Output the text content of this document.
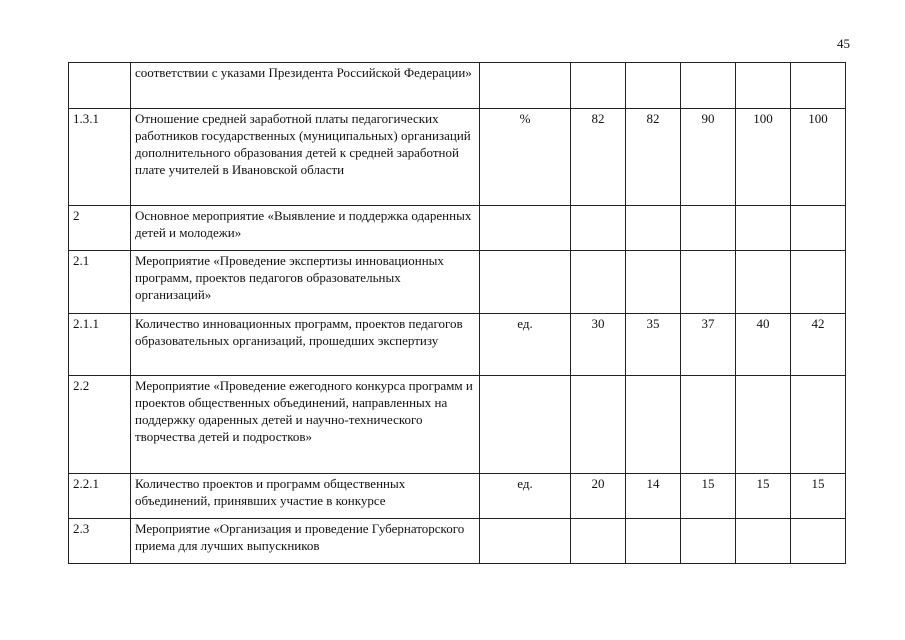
45
	соответствии с указами Президента Российской Федерации»						
1.3.1	Отношение средней заработной платы педагогических работников государственных (муниципальных) организаций дополнительного образования детей к средней заработной плате учителей в Ивановской области	%	82	82	90	100	100
2	Основное мероприятие «Выявление и поддержка одаренных детей и молодежи»						
2.1	Мероприятие «Проведение экспертизы инновационных программ, проектов педагогов образовательных организаций»						
2.1.1	Количество инновационных программ, проектов педагогов образовательных организаций, прошедших экспертизу	ед.	30	35	37	40	42
2.2	Мероприятие «Проведение ежегодного конкурса программ и проектов общественных объединений, направленных на поддержку одаренных детей и научно-технического творчества детей и подростков»						
2.2.1	Количество проектов и программ общественных объединений, принявших участие в конкурсе	ед.	20	14	15	15	15
2.3	Мероприятие «Организация и проведение Губернаторского приема для лучших выпускников						
